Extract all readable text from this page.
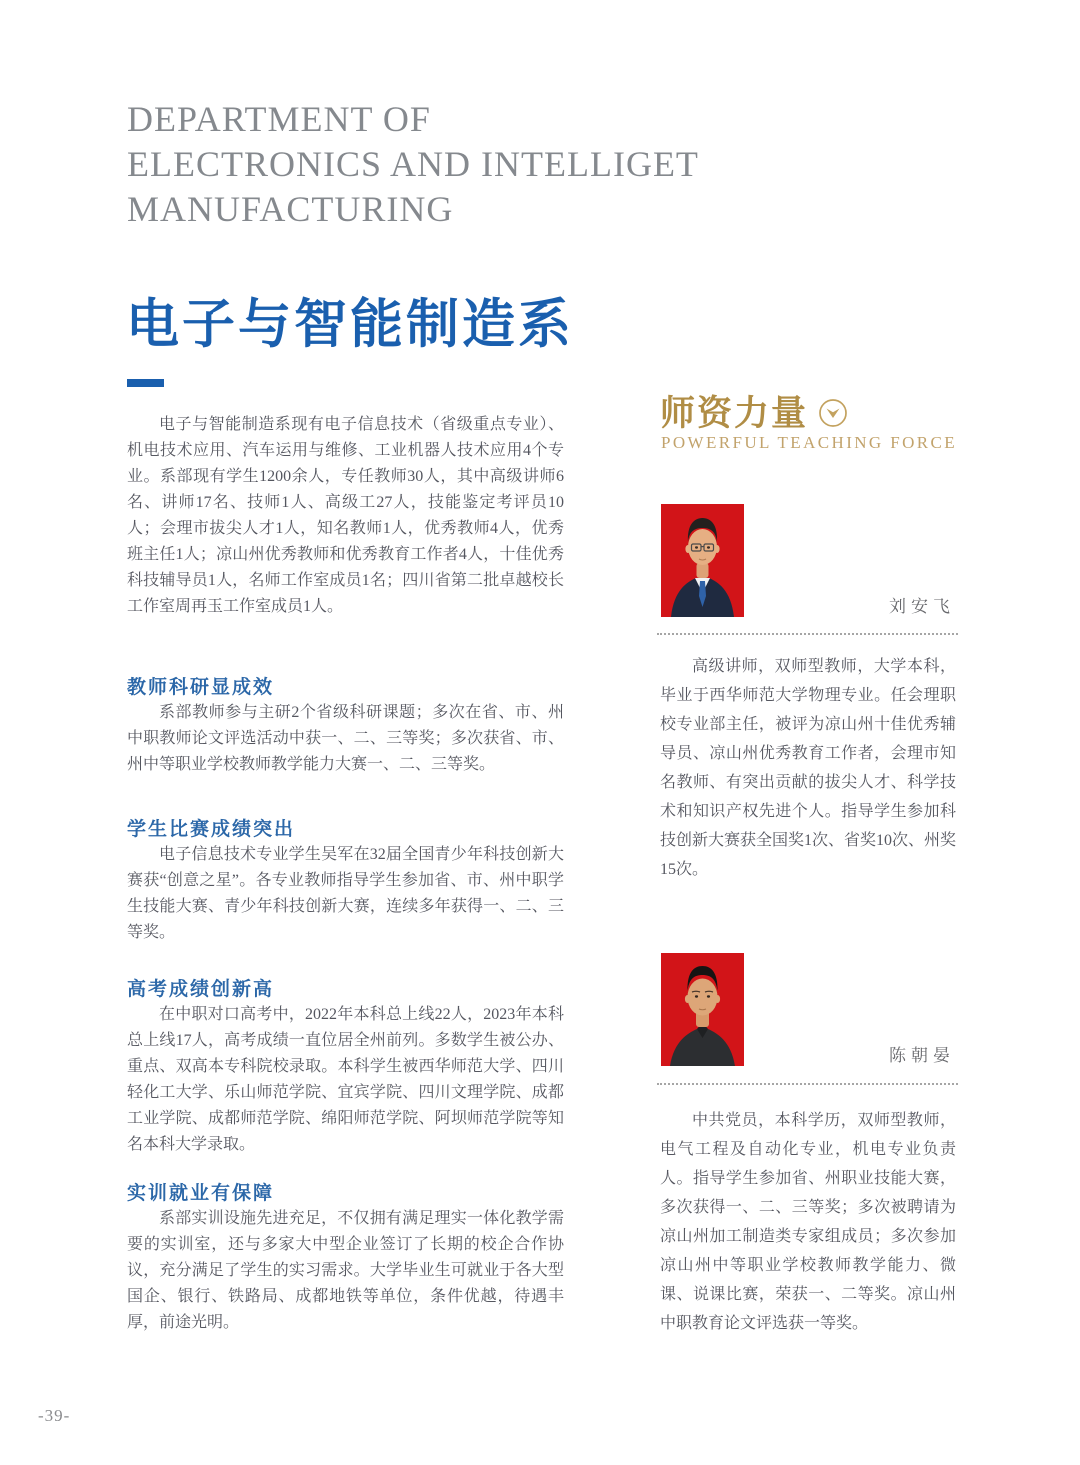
DEPARTMENT OF
ELECTRONICS AND INTELLIGET
MANUFACTURING
电子与智能制造系
电子与智能制造系现有电子信息技术（省级重点专业）、机电技术应用、汽车运用与维修、工业机器人技术应用4个专业。系部现有学生1200余人，专任教师30人，其中高级讲师6名、讲师17名、技师1人、高级工27人，技能鉴定考评员10人；会理市拔尖人才1人，知名教师1人，优秀教师4人，优秀班主任1人；凉山州优秀教师和优秀教育工作者4人，十佳优秀科技辅导员1人，名师工作室成员1名；四川省第二批卓越校长工作室周再玉工作室成员1人。
教师科研显成效
系部教师参与主研2个省级科研课题；多次在省、市、州中职教师论文评选活动中获一、二、三等奖；多次获省、市、州中等职业学校教师教学能力大赛一、二、三等奖。
学生比赛成绩突出
电子信息技术专业学生吴军在32届全国青少年科技创新大赛获“创意之星”。各专业教师指导学生参加省、市、州中职学生技能大赛、青少年科技创新大赛，连续多年获得一、二、三等奖。
高考成绩创新高
在中职对口高考中，2022年本科总上线22人，2023年本科总上线17人，高考成绩一直位居全州前列。多数学生被公办、重点、双高本专科院校录取。本科学生被西华师范大学、四川轻化工大学、乐山师范学院、宜宾学院、四川文理学院、成都工业学院、成都师范学院、绵阳师范学院、阿坝师范学院等知名本科大学录取。
实训就业有保障
系部实训设施先进充足，不仅拥有满足理实一体化教学需要的实训室，还与多家大中型企业签订了长期的校企合作协议，充分满足了学生的实习需求。大学毕业生可就业于各大型国企、银行、铁路局、成都地铁等单位，条件优越，待遇丰厚，前途光明。
师资力量
POWERFUL TEACHING FORCE
刘安飞
高级讲师，双师型教师，大学本科，毕业于西华师范大学物理专业。任会理职校专业部主任，被评为凉山州十佳优秀辅导员、凉山州优秀教育工作者，会理市知名教师、有突出贡献的拔尖人才、科学技术和知识产权先进个人。指导学生参加科技创新大赛获全国奖1次、省奖10次、州奖15次。
陈朝晏
中共党员，本科学历，双师型教师，电气工程及自动化专业，机电专业负责人。指导学生参加省、州职业技能大赛，多次获得一、二、三等奖；多次被聘请为凉山州加工制造类专家组成员；多次参加凉山州中等职业学校教师教学能力、微课、说课比赛，荣获一、二等奖。凉山州中职教育论文评选获一等奖。
-39-
